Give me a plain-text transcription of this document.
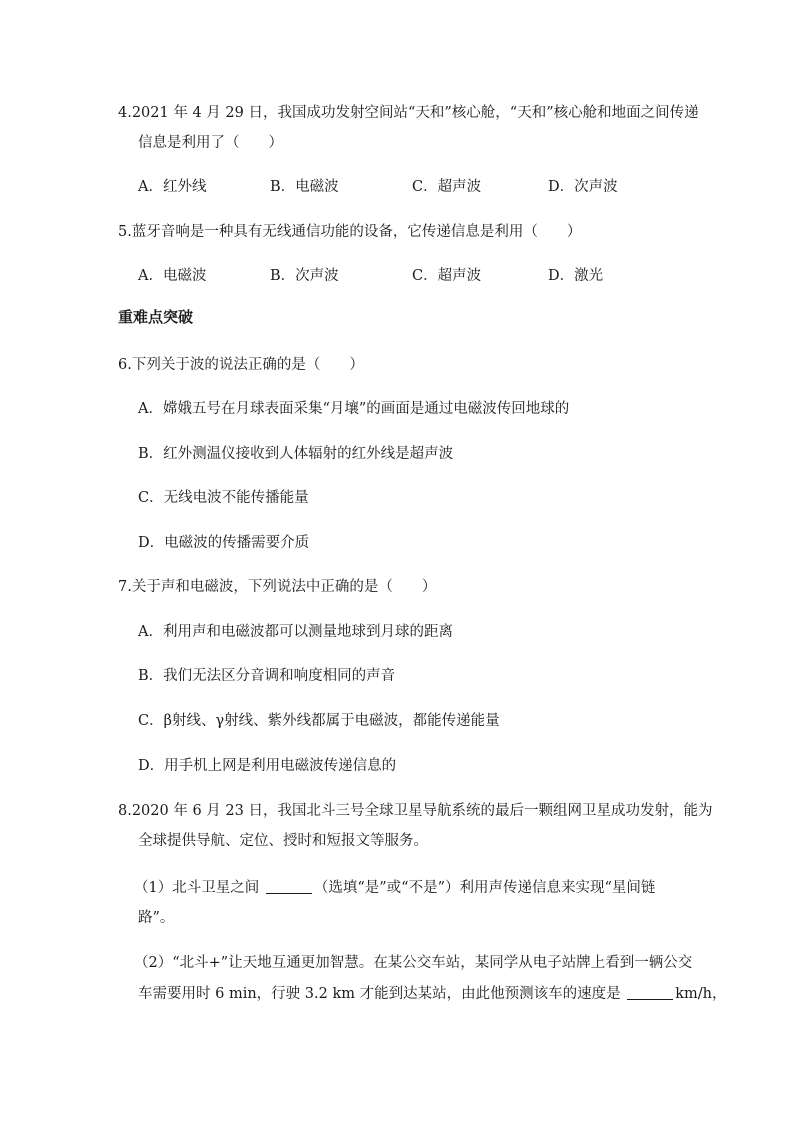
4.2021 年 4 月 29 日，我国成功发射空间站“天和”核心舱，“天和”核心舱和地面之间传递
信息是利用了（　　）
A．红外线	B．电磁波	C．超声波	D．次声波
5.蓝牙音响是一种具有无线通信功能的设备，它传递信息是利用（　　）
A．电磁波	B．次声波	C．超声波	D．激光
重难点突破
6.下列关于波的说法正确的是（　　）
A．嫦娥五号在月球表面采集“月壤”的画面是通过电磁波传回地球的
B．红外测温仪接收到人体辐射的红外线是超声波
C．无线电波不能传播能量
D．电磁波的传播需要介质
7.关于声和电磁波，下列说法中正确的是（　　）
A．利用声和电磁波都可以测量地球到月球的距离
B．我们无法区分音调和响度相同的声音
C．β射线、γ射线、紫外线都属于电磁波，都能传递能量
D．用手机上网是利用电磁波传递信息的
8.2020 年 6 月 23 日，我国北斗三号全球卫星导航系统的最后一颗组网卫星成功发射，能为
全球提供导航、定位、授时和短报文等服务。
（1）北斗卫星之间	（选填“是”或“不是”）利用声传递信息来实现“星间链
路”。
（2）“北斗+”让天地互通更加智慧。在某公交车站，某同学从电子站牌上看到一辆公交
车需要用时 6 min，行驶 3.2 km 才能到达某站，由此他预测该车的速度是	km/h，
